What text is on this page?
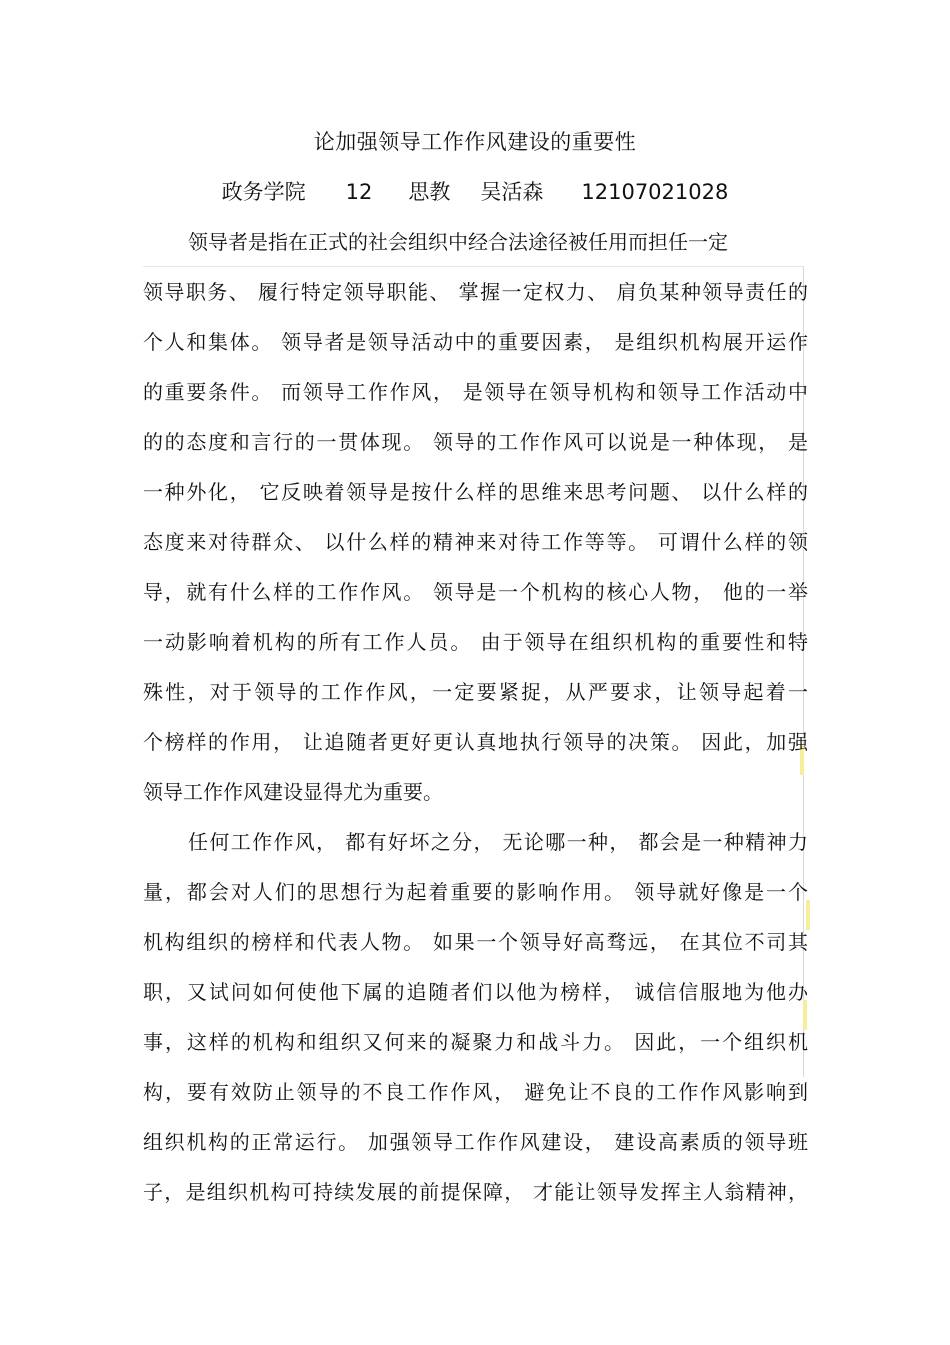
论加强领导工作作风建设的重要性
政务学院 12 思教 吴活森 12107021028
领导者是指在正式的社会组织中经合法途径被任用而担任一定
领导职务、 履行特定领导职能、 掌握一定权力、 肩负某种领导责任的
个人和集体。 领导者是领导活动中的重要因素， 是组织机构展开运作
的重要条件。 而领导工作作风， 是领导在领导机构和领导工作活动中
的的态度和言行的一贯体现。 领导的工作作风可以说是一种体现， 是
一种外化， 它反映着领导是按什么样的思维来思考问题、 以什么样的
态度来对待群众、 以什么样的精神来对待工作等等。 可谓什么样的领
导，就有什么样的工作作风。 领导是一个机构的核心人物， 他的一举
一动影响着机构的所有工作人员。 由于领导在组织机构的重要性和特
殊性，对于领导的工作作风，一定要紧捉，从严要求，让领导起着一
个榜样的作用， 让追随者更好更认真地执行领导的决策。 因此，加强
领导工作作风建设显得尤为重要。
任何工作作风， 都有好坏之分， 无论哪一种， 都会是一种精神力
量，都会对人们的思想行为起着重要的影响作用。 领导就好像是一个
机构组织的榜样和代表人物。 如果一个领导好高骛远， 在其位不司其
职，又试问如何使他下属的追随者们以他为榜样， 诚信信服地为他办
事，这样的机构和组织又何来的凝聚力和战斗力。 因此，一个组织机
构，要有效防止领导的不良工作作风， 避免让不良的工作作风影响到
组织机构的正常运行。 加强领导工作作风建设， 建设高素质的领导班
子，是组织机构可持续发展的前提保障， 才能让领导发挥主人翁精神，
